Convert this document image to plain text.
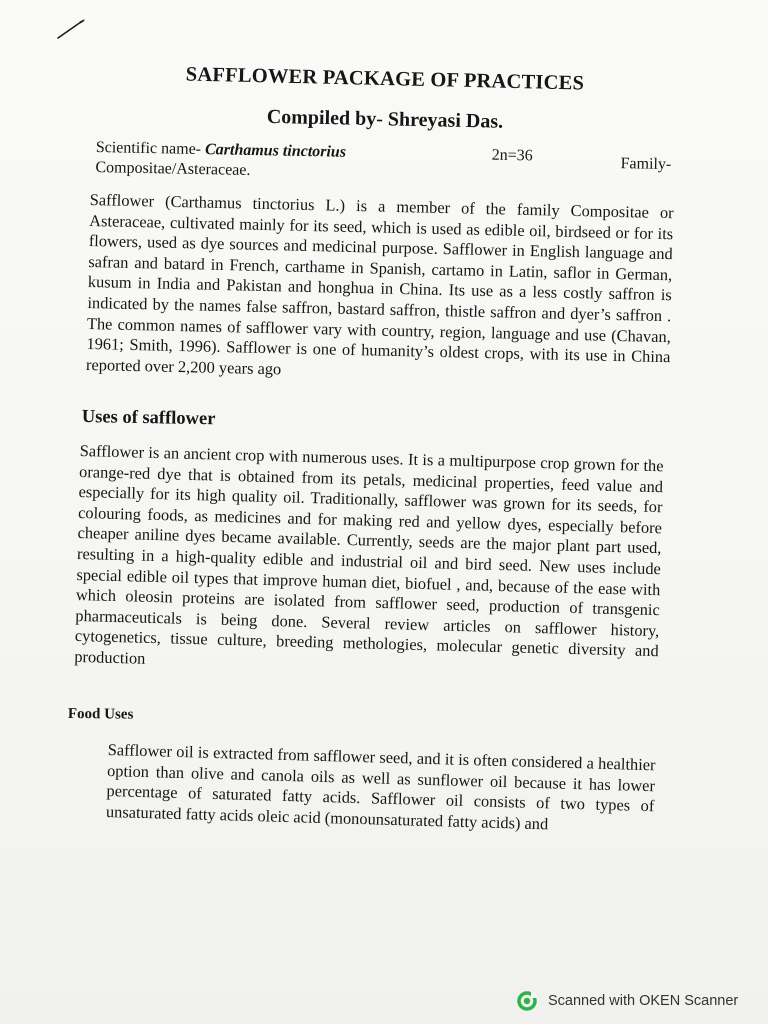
SAFFLOWER PACKAGE OF PRACTICES
Compiled by- Shreyasi Das.
Scientific name- Carthamus tinctorius	2n=36	Family-
Compositae/Asteraceae.
Safflower (Carthamus tinctorius L.) is a member of the family Compositae or Asteraceae, cultivated mainly for its seed, which is used as edible oil, birdseed or for its flowers, used as dye sources and medicinal purpose. Safflower in English language and safran and batard in French, carthame in Spanish, cartamo in Latin, saflor in German, kusum in India and Pakistan and honghua in China. Its use as a less costly saffron is indicated by the names false saffron, bastard saffron, thistle saffron and dyer’s saffron . The common names of safflower vary with country, region, language and use (Chavan, 1961; Smith, 1996). Safflower is one of humanity’s oldest crops, with its use in China reported over 2,200 years ago
Uses of safflower
Safflower is an ancient crop with numerous uses. It is a multipurpose crop grown for the orange-red dye that is obtained from its petals, medicinal properties, feed value and especially for its high quality oil. Traditionally, safflower was grown for its seeds, for colouring foods, as medicines and for making red and yellow dyes, especially before cheaper aniline dyes became available. Currently, seeds are the major plant part used, resulting in a high-quality edible and industrial oil and bird seed. New uses include special edible oil types that improve human diet, biofuel , and, because of the ease with which oleosin proteins are isolated from safflower seed, production of transgenic pharmaceuticals is being done. Several review articles on safflower history, cytogenetics, tissue culture, breeding methologies, molecular genetic diversity and production
Food Uses
Safflower oil is extracted from safflower seed, and it is often considered a healthier option than olive and canola oils as well as sunflower oil because it has lower percentage of saturated fatty acids. Safflower oil consists of two types of unsaturated fatty acids oleic acid (monounsaturated fatty acids) and
Scanned with OKEN Scanner
